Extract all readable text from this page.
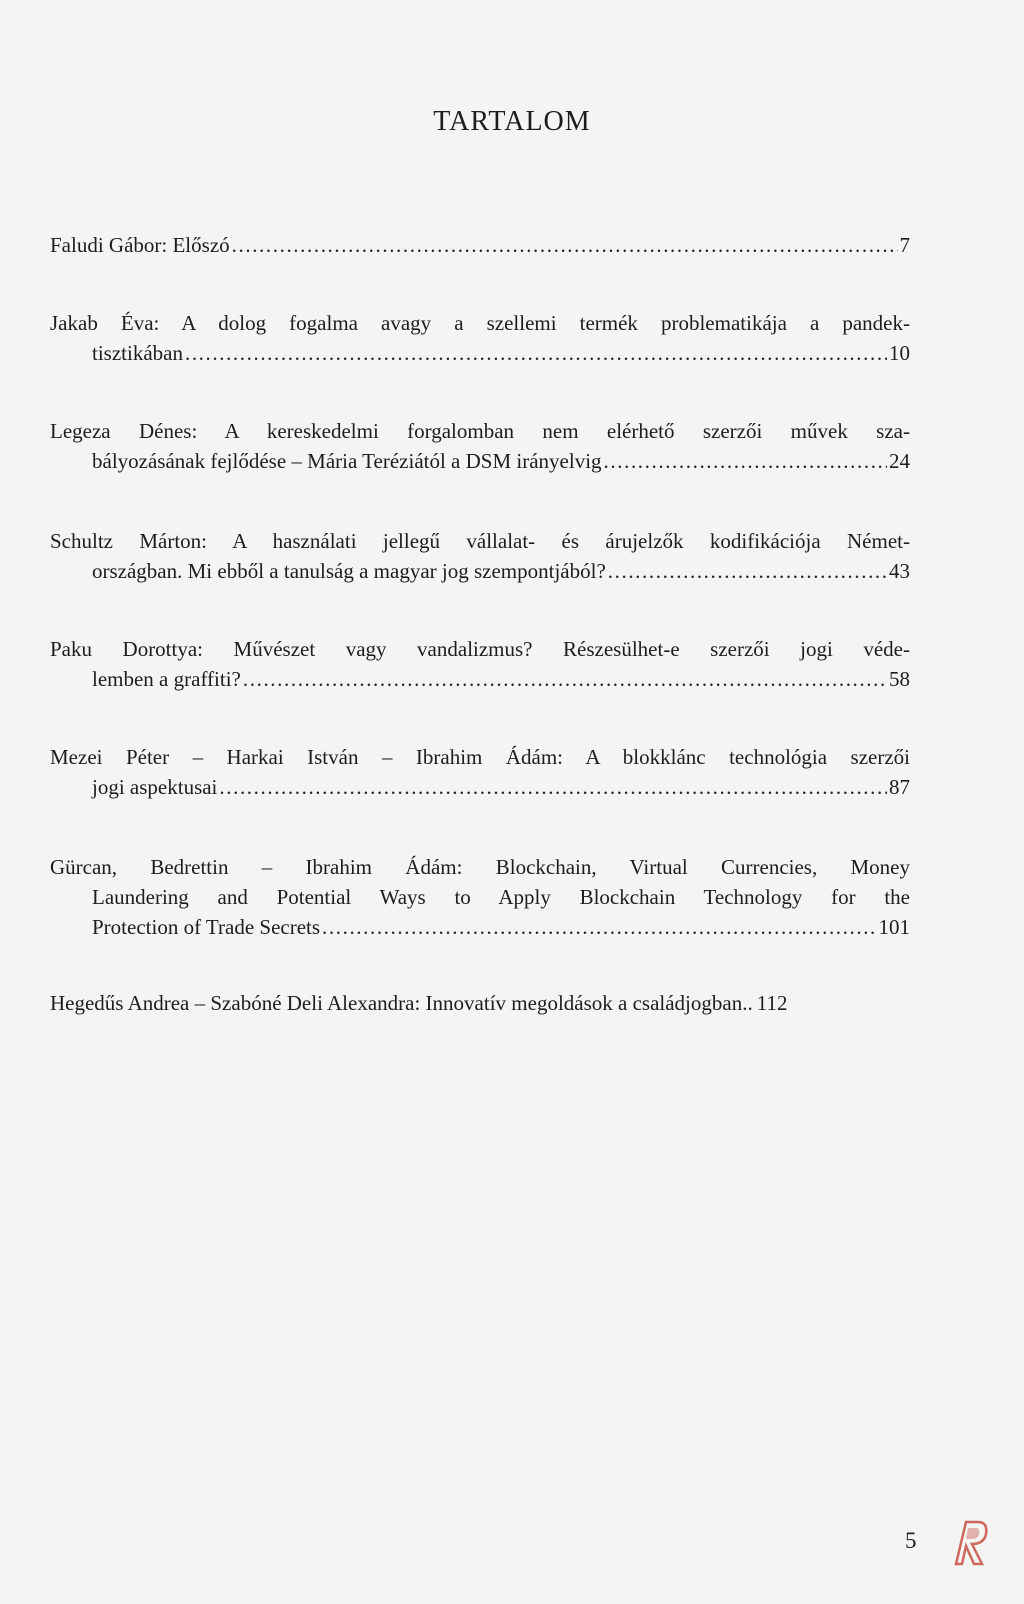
TARTALOM
Faludi Gábor: Előszó .....	7
Jakab Éva: A dolog fogalma avagy a szellemi termék problematikája a pandek-
tisztikában .....	10
Legeza Dénes: A kereskedelmi forgalomban nem elérhető szerzői művek sza-
bályozásának fejlődése – Mária Teréziától a DSM irányelvig .....	24
Schultz Márton: A használati jellegű vállalat- és árujelzők kodifikációja Német-
országban. Mi ebből a tanulság a magyar jog szempontjából? .....	43
Paku Dorottya: Művészet vagy vandalizmus? Részesülhet-e szerzői jogi véde-
lemben a graffiti? .....	58
Mezei Péter – Harkai István – Ibrahim Ádám: A blokklánc technológia szerzői
jogi aspektusai .....	87
Gürcan, Bedrettin – Ibrahim Ádám: Blockchain, Virtual Currencies, Money
Laundering and Potential Ways to Apply Blockchain Technology for the
Protection of Trade Secrets .....	101
Hegedűs Andrea – Szabóné Deli Alexandra: Innovatív megoldások a családjogban.. 112
5
